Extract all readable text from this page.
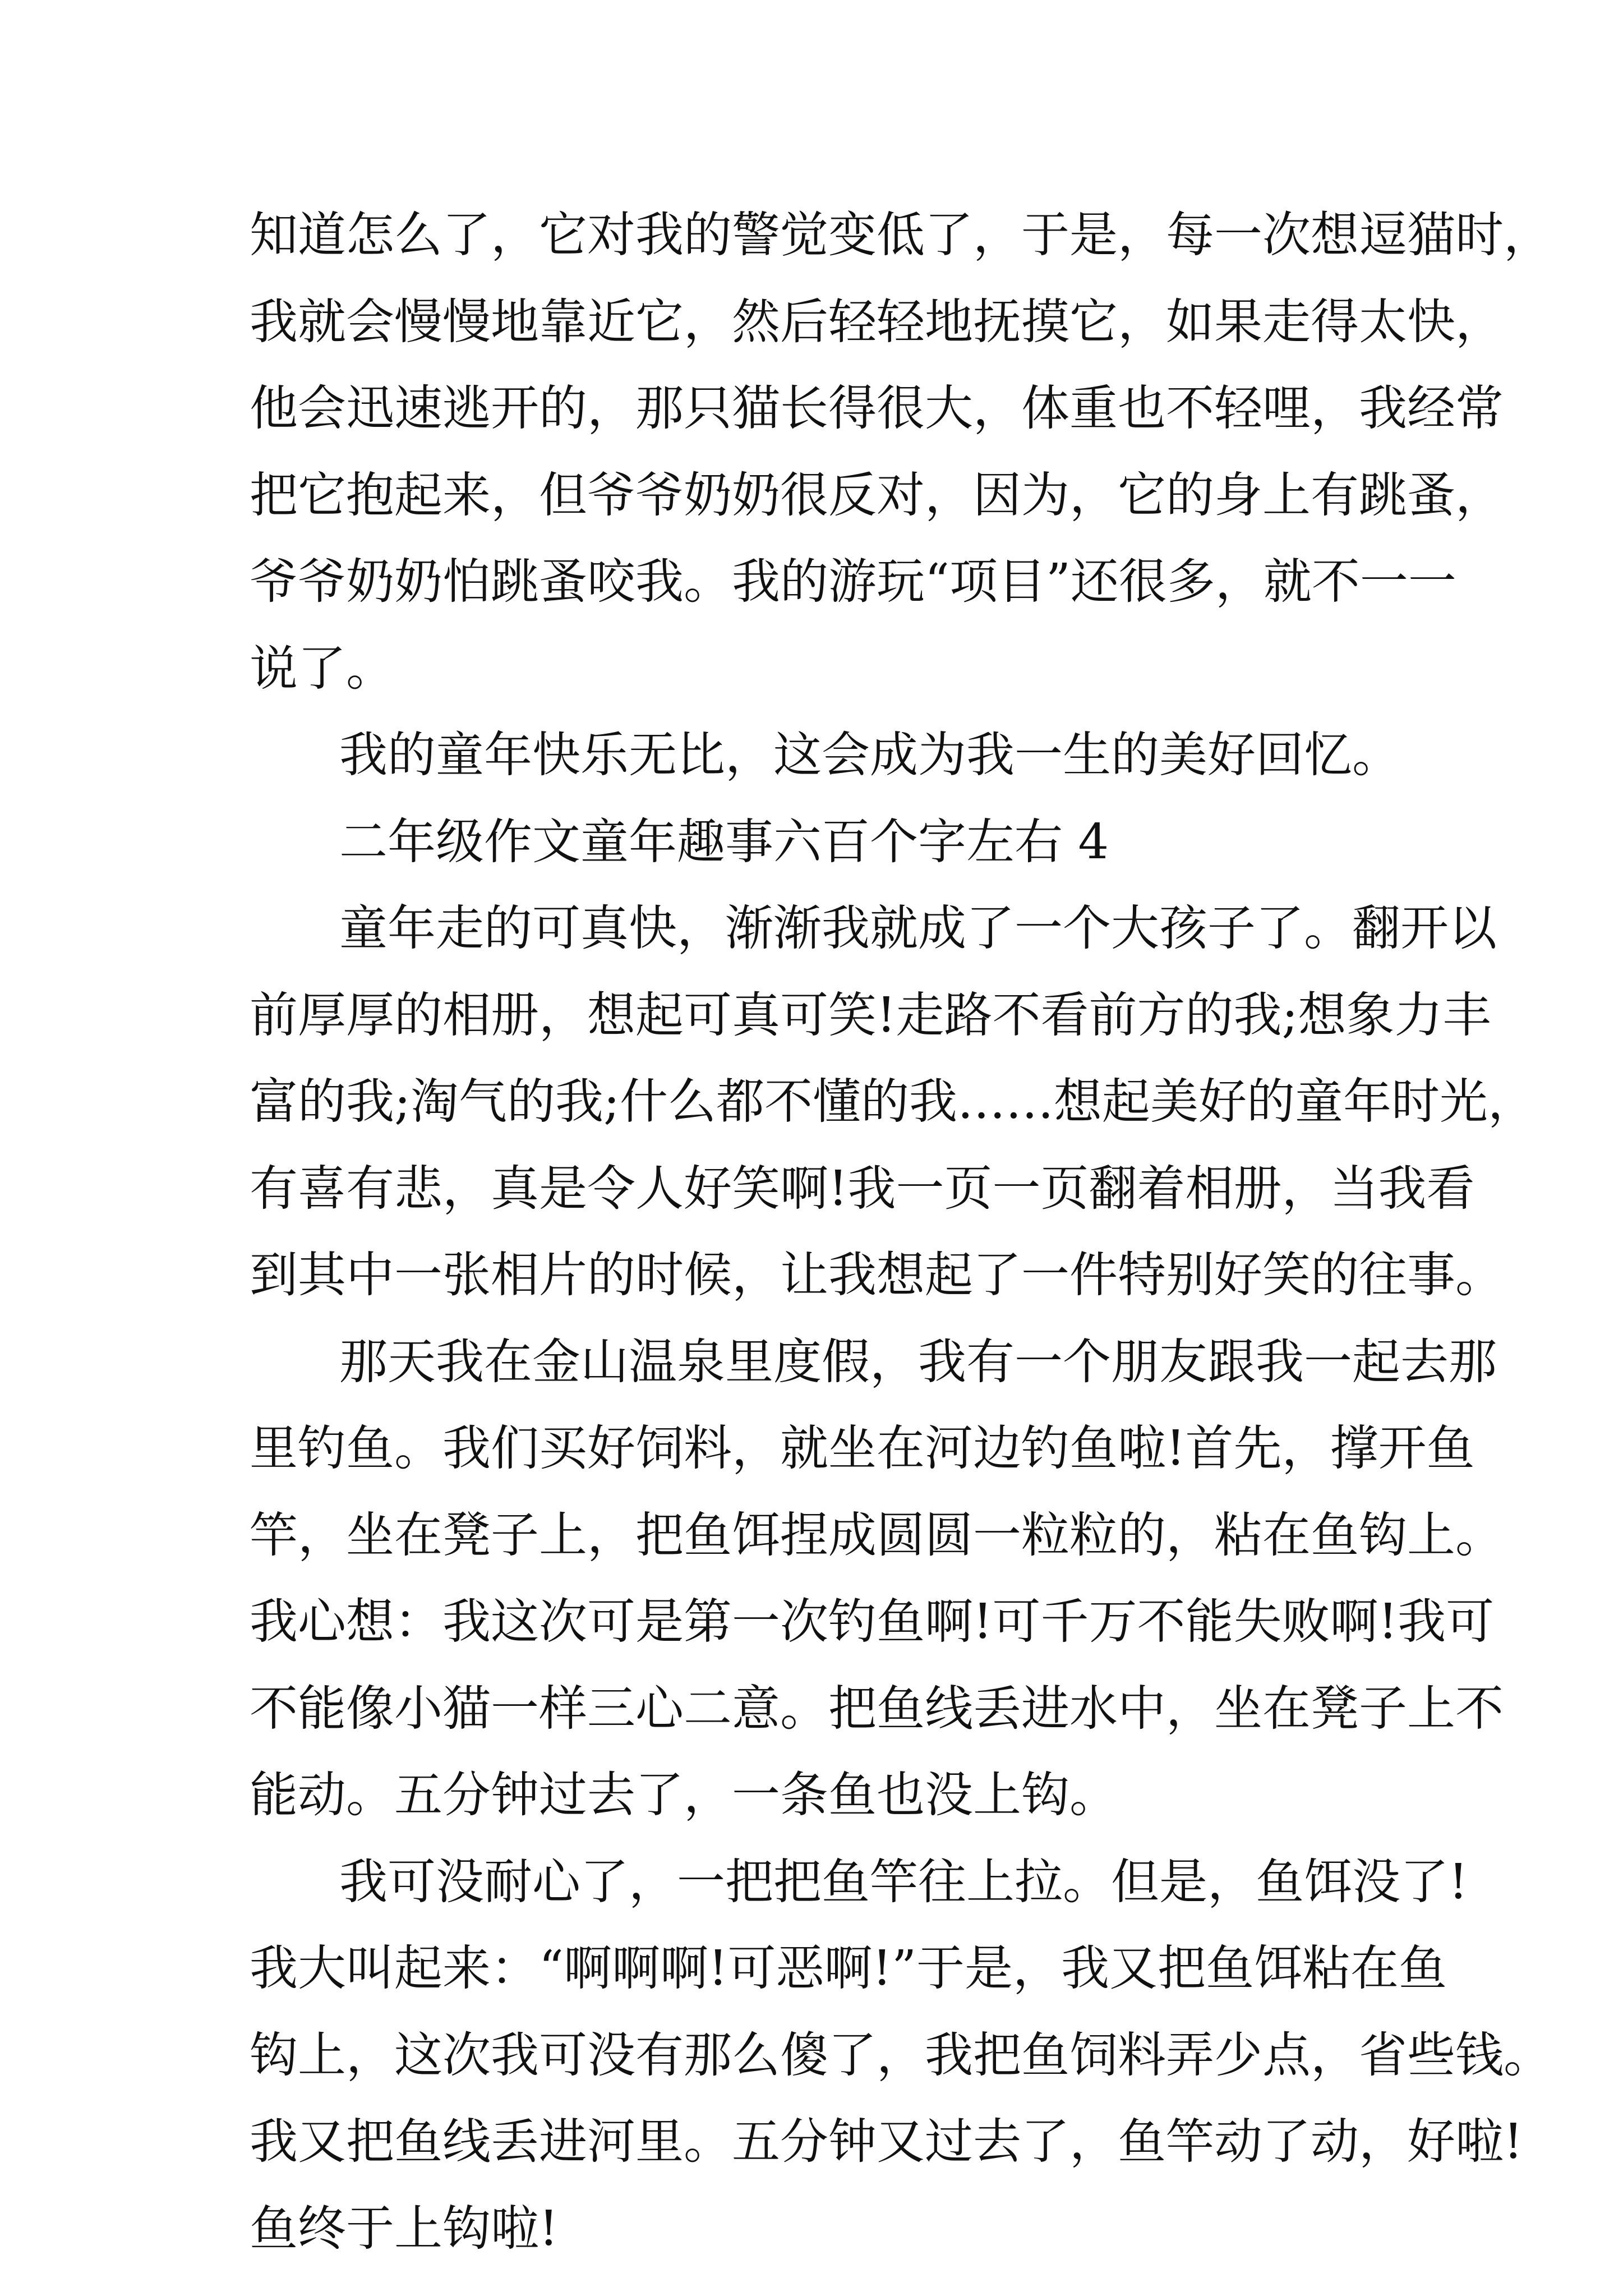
知道怎么了，它对我的警觉变低了，于是，每一次想逗猫时，
我就会慢慢地靠近它，然后轻轻地抚摸它，如果走得太快，
他会迅速逃开的，那只猫长得很大，体重也不轻哩，我经常
把它抱起来，但爷爷奶奶很反对，因为，它的身上有跳蚤，
爷爷奶奶怕跳蚤咬我。我的游玩“项目”还很多，就不一一
说了。
我的童年快乐无比，这会成为我一生的美好回忆。
二年级作文童年趣事六百个字左右 4
童年走的可真快，渐渐我就成了一个大孩子了。翻开以
前厚厚的相册，想起可真可笑!走路不看前方的我;想象力丰
富的我;淘气的我;什么都不懂的我……想起美好的童年时光，
有喜有悲，真是令人好笑啊!我一页一页翻着相册，当我看
到其中一张相片的时候，让我想起了一件特别好笑的往事。
那天我在金山温泉里度假，我有一个朋友跟我一起去那
里钓鱼。我们买好饲料，就坐在河边钓鱼啦!首先，撑开鱼
竿，坐在凳子上，把鱼饵捏成圆圆一粒粒的，粘在鱼钩上。
我心想：我这次可是第一次钓鱼啊!可千万不能失败啊!我可
不能像小猫一样三心二意。把鱼线丢进水中，坐在凳子上不
能动。五分钟过去了，一条鱼也没上钩。
我可没耐心了，一把把鱼竿往上拉。但是，鱼饵没了!
我大叫起来：“啊啊啊!可恶啊!”于是，我又把鱼饵粘在鱼
钩上，这次我可没有那么傻了，我把鱼饲料弄少点，省些钱。
我又把鱼线丢进河里。五分钟又过去了，鱼竿动了动，好啦!
鱼终于上钩啦!
